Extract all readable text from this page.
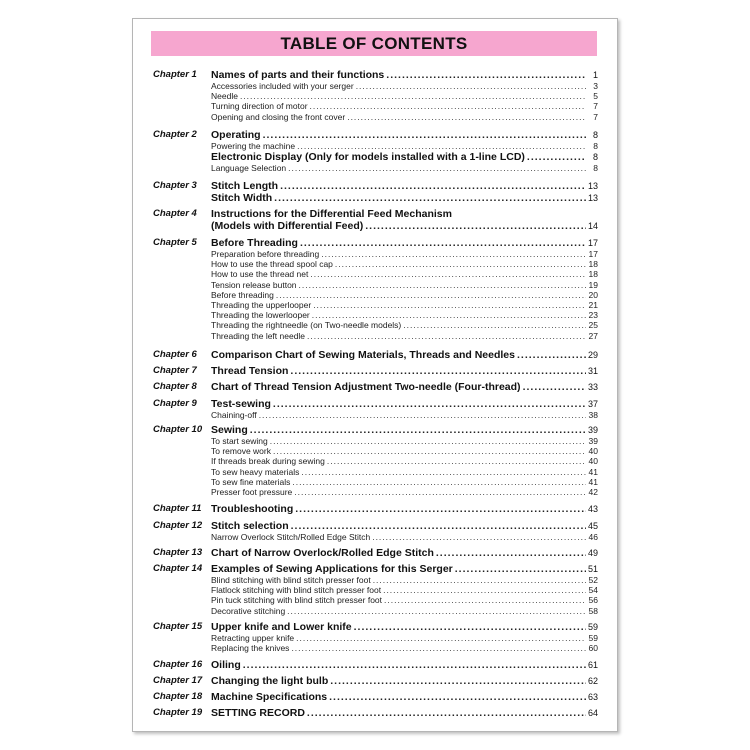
TABLE OF CONTENTS
Chapter 1 Names of parts and their functions .....	1
Accessories included with your serger .....	3
Needle .....	5
Turning direction of motor .....	7
Opening and closing the front cover .....	7
Chapter 2 Operating .....	8
Powering the machine .....	8
Electronic Display (Only for models installed with a 1-line LCD) .....	8
Language Selection .....	8
Chapter 3 Stitch Length .....	13
Stitch Width .....	13
Chapter 4 Instructions for the Differential Feed Mechanism
(Models with Differential Feed) .....	14
Chapter 5 Before Threading .....	17
Preparation before threading .....	17
How to use the thread spool cap .....	18
How to use the thread net .....	18
Tension release button .....	19
Before threading .....	20
Threading the upperlooper .....	21
Threading the lowerlooper .....	23
Threading the rightneedle (on Two-needle models) .....	25
Threading the left needle .....	27
Chapter 6 Comparison Chart of Sewing Materials, Threads and Needles .....	29
Chapter 7 Thread Tension .....	31
Chapter 8 Chart of Thread Tension Adjustment Two-needle (Four-thread) .....	33
Chapter 9 Test-sewing .....	37
Chaining-off .....	38
Chapter 10 Sewing .....	39
To start sewing .....	39
To remove work .....	40
If threads break during sewing .....	40
To sew heavy materials .....	41
To sew fine materials .....	41
Presser foot pressure .....	42
Chapter 11 Troubleshooting .....	43
Chapter 12 Stitch selection .....	45
Narrow Overlock Stitch/Rolled Edge Stitch .....	46
Chapter 13 Chart of Narrow Overlock/Rolled Edge Stitch .....	49
Chapter 14 Examples of Sewing Applications for this Serger .....	51
Blind stitching with blind stitch presser foot .....	52
Flatlock stitching with blind stitch presser foot .....	54
Pin tuck stitching with blind stitch presser foot .....	56
Decorative stitching .....	58
Chapter 15 Upper knife and Lower knife .....	59
Retracting upper knife .....	59
Replacing the knives .....	60
Chapter 16 Oiling .....	61
Chapter 17 Changing the light bulb .....	62
Chapter 18 Machine Specifications .....	63
Chapter 19 SETTING RECORD .....	64
